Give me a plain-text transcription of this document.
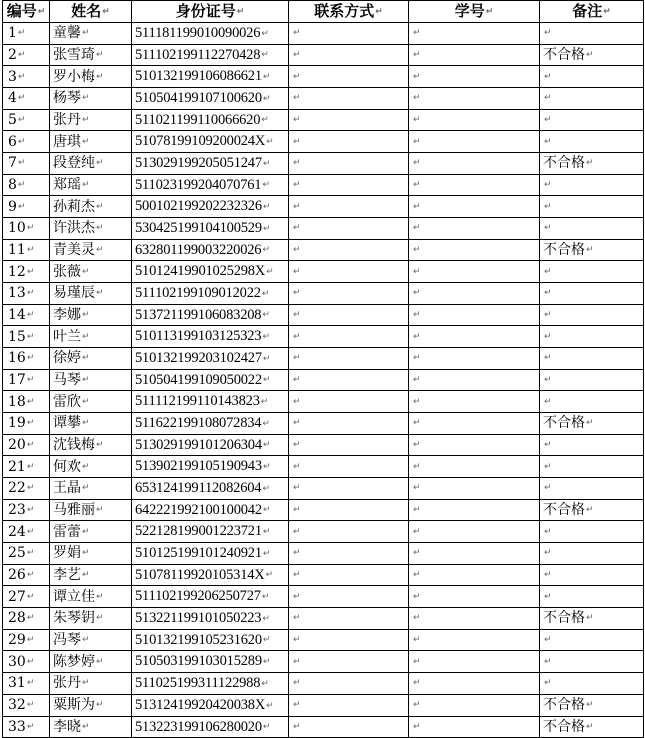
编号↵	姓名↵	身份证号↵	联系方式↵	学号↵	备注↵
1↵	童馨↵	511181199010090026↵	↵	↵	↵
2↵	张雪琦↵	511102199112270428↵	↵	↵	不合格↵
3↵	罗小梅↵	510132199106086621↵	↵	↵	↵
4↵	杨琴↵	510504199107100620↵	↵	↵	↵
5↵	张丹↵	511021199110066620↵	↵	↵	↵
6↵	唐琪↵	51078199109200024X↵	↵	↵	↵
7↵	段登纯↵	513029199205051247↵	↵	↵	不合格↵
8↵	郑瑶↵	511023199204070761↵	↵	↵	↵
9↵	孙莉杰↵	500102199202232326↵	↵	↵	↵
10↵	许洪杰↵	530425199104100529↵	↵	↵	↵
11↵	青美灵↵	632801199003220026↵	↵	↵	不合格↵
12↵	张薇↵	51012419901025298X↵	↵	↵	↵
13↵	易瑾辰↵	511102199109012022↵	↵	↵	↵
14↵	李娜↵	513721199106083208↵	↵	↵	↵
15↵	叶兰↵	510113199103125323↵	↵	↵	↵
16↵	徐婷↵	510132199203102427↵	↵	↵	↵
17↵	马琴↵	510504199109050022↵	↵	↵	↵
18↵	雷欣↵	511112199110143823↵	↵	↵	↵
19↵	谭攀↵	511622199108072834↵	↵	↵	不合格↵
20↵	沈钱梅↵	513029199101206304↵	↵	↵	↵
21↵	何欢↵	513902199105190943↵	↵	↵	↵
22↵	王晶↵	653124199112082604↵	↵	↵	↵
23↵	马雅丽↵	642221992100100042↵	↵	↵	不合格↵
24↵	雷蕾↵	522128199001223721↵	↵	↵	↵
25↵	罗娟↵	510125199101240921↵	↵	↵	↵
26↵	李艺↵	51078119920105314X↵	↵	↵	↵
27↵	谭立佳↵	511102199206250727↵	↵	↵	↵
28↵	朱琴钥↵	513221199101050223↵	↵	↵	不合格↵
29↵	冯琴↵	510132199105231620↵	↵	↵	↵
30↵	陈梦婷↵	510503199103015289↵	↵	↵	↵
31↵	张丹↵	511025199311122988↵	↵	↵	↵
32↵	粟斯为↵	51312419920420038X↵	↵	↵	不合格↵
33↵	李晓↵	513223199106280020↵	↵	↵	不合格↵
